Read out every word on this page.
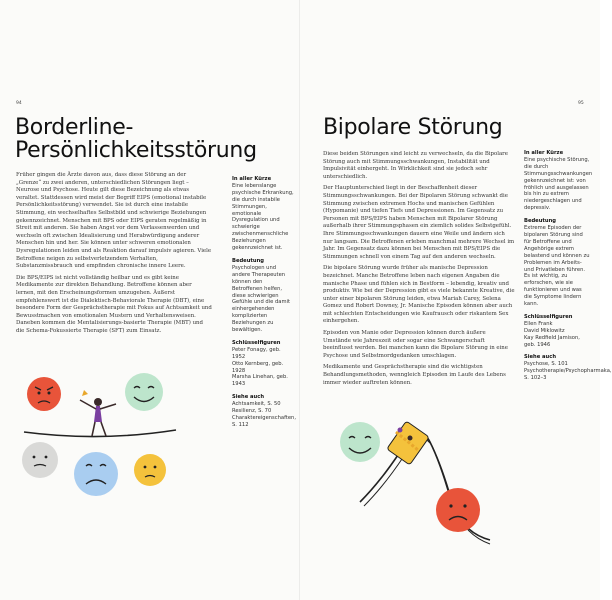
94
Borderline-
Persönlichkeitsstörung

Früher gingen die Ärzte davon aus, dass diese Störung an der „Grenze“ zu zwei anderen, unterschiedlichen Störungen liegt – Neurose und Psychose. Heute gilt diese Bezeichnung als etwas veraltet. Stattdessen wird meist der Begriff EIPS (emotional instabile Persönlichkeitsstörung) verwendet. Sie ist durch eine instabile Stimmung, ein wechselhaftes Selbstbild und schwierige Beziehungen gekennzeichnet. Menschen mit BPS oder EIPS geraten regelmäßig in Streit mit anderen. Sie haben Angst vor dem Verlassenwerden und wechseln oft zwischen Idealisierung und Herabwürdigung anderer Menschen hin und her. Sie können unter schweren emotionalen Dysregulationen leiden und als Reaktion darauf impulsiv agieren. Viele Betroffene neigen zu selbstverletzendem Verhalten, Substanzmissbrauch und empfinden chronische innere Leere.

Die BPS/EIPS ist nicht vollständig heilbar und es gibt keine Medikamente zur direkten Behandlung. Betroffene können aber lernen, mit den Erscheinungsformen umzugehen. Äußerst empfehlenswert ist die Dialektisch-Behaviorale Therapie (DBT), eine besondere Form der Gesprächstherapie mit Fokus auf Achtsamkeit und Bewusstmachen von emotionalen Mustern und Verhaltensweisen. Daneben kommen die Mentalisierungs-basierte Therapie (MBT) und die Schema-Fokussierte Therapie (SFT) zum Einsatz.

In aller Kürze
Eine lebenslange psychische Erkrankung, die durch instabile Stimmungen, emotionale Dysregulation und schwierige zwischenmenschliche Beziehungen gekennzeichnet ist.
Bedeutung
Psychologen und andere Therapeuten können den Betroffenen helfen, diese schwierigen Gefühle und die damit einhergehenden komplizierten Beziehungen zu bewältigen.
Schlüsselfiguren
Peter Fonagy, geb. 1952
Otto Kernberg, geb. 1928
Marsha Linehan, geb. 1943
Siehe auch
Achtsamkeit, S. 50
Resilienz, S. 70
Charaktereigenschaften, S. 112
95
Bipolare Störung

Diese beiden Störungen sind leicht zu verwechseln, da die Bipolare Störung auch mit Stimmungsschwankungen, Instabilität und Impulsivität einhergeht. In Wirklichkeit sind sie jedoch sehr unterschiedlich.

Der Hauptunterschied liegt in der Beschaffenheit dieser Stimmungsschwankungen. Bei der Bipolaren Störung schwankt die Stimmung zwischen extremen Hochs und manischen Gefühlen (Hypomanie) und tiefen Tiefs und Depressionen. Im Gegensatz zu Personen mit BPS/EIPS haben Menschen mit Bipolarer Störung außerhalb ihrer Stimmungsphasen ein ziemlich solides Selbstgefühl. Ihre Stimmungsschwankungen dauern eine Weile und ändern sich nur langsam. Die Betroffenen erleben manchmal mehrere Wechsel im Jahr. Im Gegensatz dazu können bei Menschen mit BPS/EIPS die Stimmungen schnell von einem Tag auf den anderen wechseln.

Die bipolare Störung wurde früher als manische Depression bezeichnet. Manche Betroffene leben nach eigenen Angaben die manische Phase und fühlen sich in Bestform – lebendig, kreativ und produktiv. Wie bei der Depression gibt es viele bekannte Kreative, die unter einer bipolaren Störung leiden, etwa Mariah Carey, Selena Gomez und Robert Downey, Jr. Manische Episoden können aber auch mit schlechten Entscheidungen wie Kaufrausch oder riskantem Sex einhergehen.

Episoden von Manie oder Depression können durch äußere Umstände wie Jahreszeit oder sogar eine Schwangerschaft beeinflusst werden. Bei manchen kann die Bipolare Störung in eine Psychose und Selbstmordgedanken umschlagen.

Medikamente und Gesprächstherapie sind die wichtigsten Behandlungsmethoden, wenngleich Episoden im Laufe des Lebens immer wieder auftreten können.

In aller Kürze
Eine psychische Störung, die durch Stimmungsschwankungen gekennzeichnet ist: von fröhlich und ausgelassen bis hin zu extrem niedergeschlagen und depressiv.
Bedeutung
Extreme Episoden der bipolaren Störung sind für Betroffene und Angehörige extrem belastend und können zu Problemen im Arbeits- und Privatleben führen. Es ist wichtig, zu erforschen, wie sie funktionieren und was die Symptome lindern kann.
Schlüsselfiguren
Ellen Frank
David Miklowitz
Kay Redfield Jamison, geb. 1946
Siehe auch
Psychose, S. 101
Psychotherapie/Psychopharmaka, S. 102–3
